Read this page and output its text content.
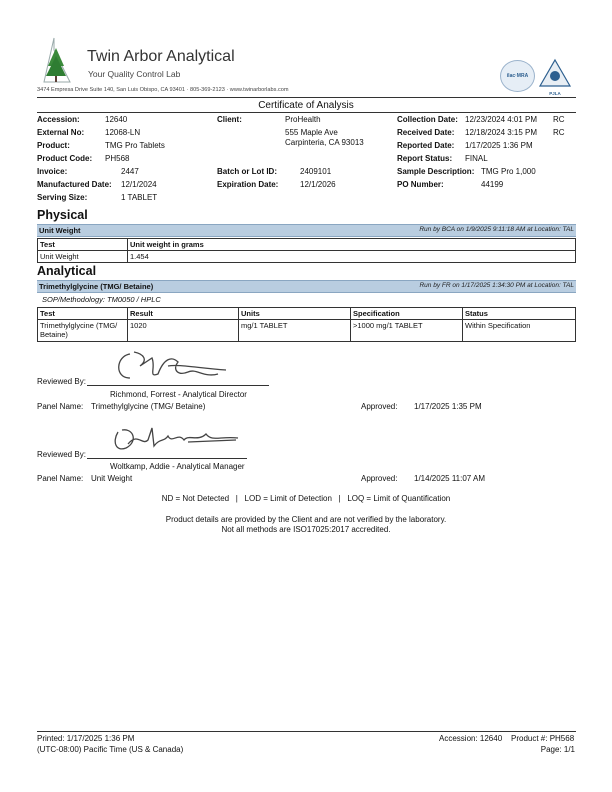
Twin Arbor Analytical
Your Quality Control Lab
3474 Empresa Drive Suite 140, San Luis Obispo, CA 93401 · 805-369-2123 · www.twinarborlabs.com
ilac·MRA
PJLA
Certificate of Analysis
Accession:	12640
External No:	12068-LN
Product:	TMG Pro Tablets
Product Code: PH568
Invoice:	2447
Manufactured Date: 12/1/2024
Serving Size:	1 TABLET
Client:	ProHealth
555 Maple Ave
Carpinteria, CA 93013
Batch or Lot ID:	2409101
Expiration Date:	12/1/2026
Collection Date: 12/23/2024 4:01 PM RC
Received Date: 12/18/2024 3:15 PM RC
Reported Date: 1/17/2025 1:36 PM
Report Status: FINAL
Sample Description: TMG Pro 1,000
PO Number:	44199
Physical
Unit Weight	Run by BCA on 1/9/2025 9:11:18 AM at Location: TAL
Test	Unit weight in grams
Unit Weight	1.454
Analytical
Trimethylglycine (TMG/ Betaine)	Run by FR on 1/17/2025 1:34:30 PM at Location: TAL
SOP/Methodology: TM0050 / HPLC
Test	Result	Units	Specification	Status
Trimethylglycine (TMG/ Betaine)	1020	mg/1 TABLET	>1000 mg/1 TABLET	Within Specification
Reviewed By:
Richmond, Forrest - Analytical Director
Panel Name: Trimethylglycine (TMG/ Betaine)	Approved: 1/17/2025 1:35 PM
Reviewed By:
Woltkamp, Addie - Analytical Manager
Panel Name: Unit Weight	Approved: 1/14/2025 11:07 AM
ND = Not Detected   |   LOD = Limit of Detection   |   LOQ = Limit of Quantification
Product details are provided by the Client and are not verified by the laboratory.
Not all methods are ISO17025:2017 accredited.
Printed: 1/17/2025 1:36 PM
(UTC-08:00) Pacific Time (US & Canada)
Accession: 12640 Product #: PH568
Page: 1/1
